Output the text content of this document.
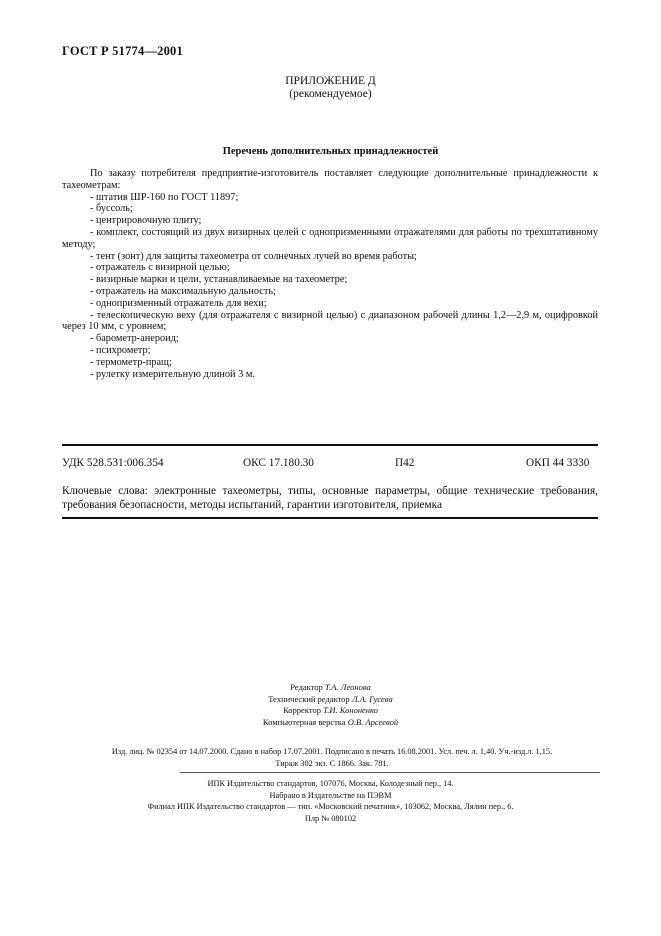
ГОСТ Р 51774—2001
ПРИЛОЖЕНИЕ Д
(рекомендуемое)
Перечень дополнительных принадлежностей

По заказу потребителя предприятие-изготовитель поставляет следующие дополнительные принадлежности к тахеометрам:

- штатив ШР-160 по ГОСТ 11897;
- буссоль;
- центрировочную плиту;
- комплект, состоящий из двух визирных целей с однопризменными отражателями для работы по трехштативному методу;
- тент (зонт) для защиты тахеометра от солнечных лучей во время работы;
- отражатель с визирной целью;
- визирные марки и цели, устанавливаемые на тахеометре;
- отражатель на максимальную дальность;
- однопризменный отражатель для вехи;
- телескопическую веху (для отражателя с визирной целью) с диапазоном рабочей длины 1,2—2,9 м, оцифровкой через 10 мм, с уровнем;
- барометр-анероид;
- психрометр;
- термометр-пращ;
- рулетку измерительную длиной 3 м.
УДК 528.531:006.354	ОКС 17.180.30	П42	ОКП 44 3330
Ключевые слова: электронные тахеометры, типы, основные параметры, общие технические требования, требования безопасности, методы испытаний, гарантии изготовителя, приемка
Редактор Т.А. Леонова
Технический редактор Л.А. Гусева
Корректор Т.И. Кононенко
Компьютерная верстка О.В. Арсеевой
Изд. лиц. № 02354 от 14.07.2000. Сдано в набор 17.07.2001. Подписано в печать 16.08.2001. Усл. печ. л. 1,40. Уч.-изд.л. 1,15.
Тираж 302 экз. С 1866. Зак. 781.
ИПК Издательство стандартов, 107076, Москва, Колодезный пер., 14.
Набрано в Издательстве на ПЭВМ
Филиал ИПК Издательство стандартов — тип. «Московский печатник», 103062, Москва, Лялин пер., 6.
Плр № 080102
